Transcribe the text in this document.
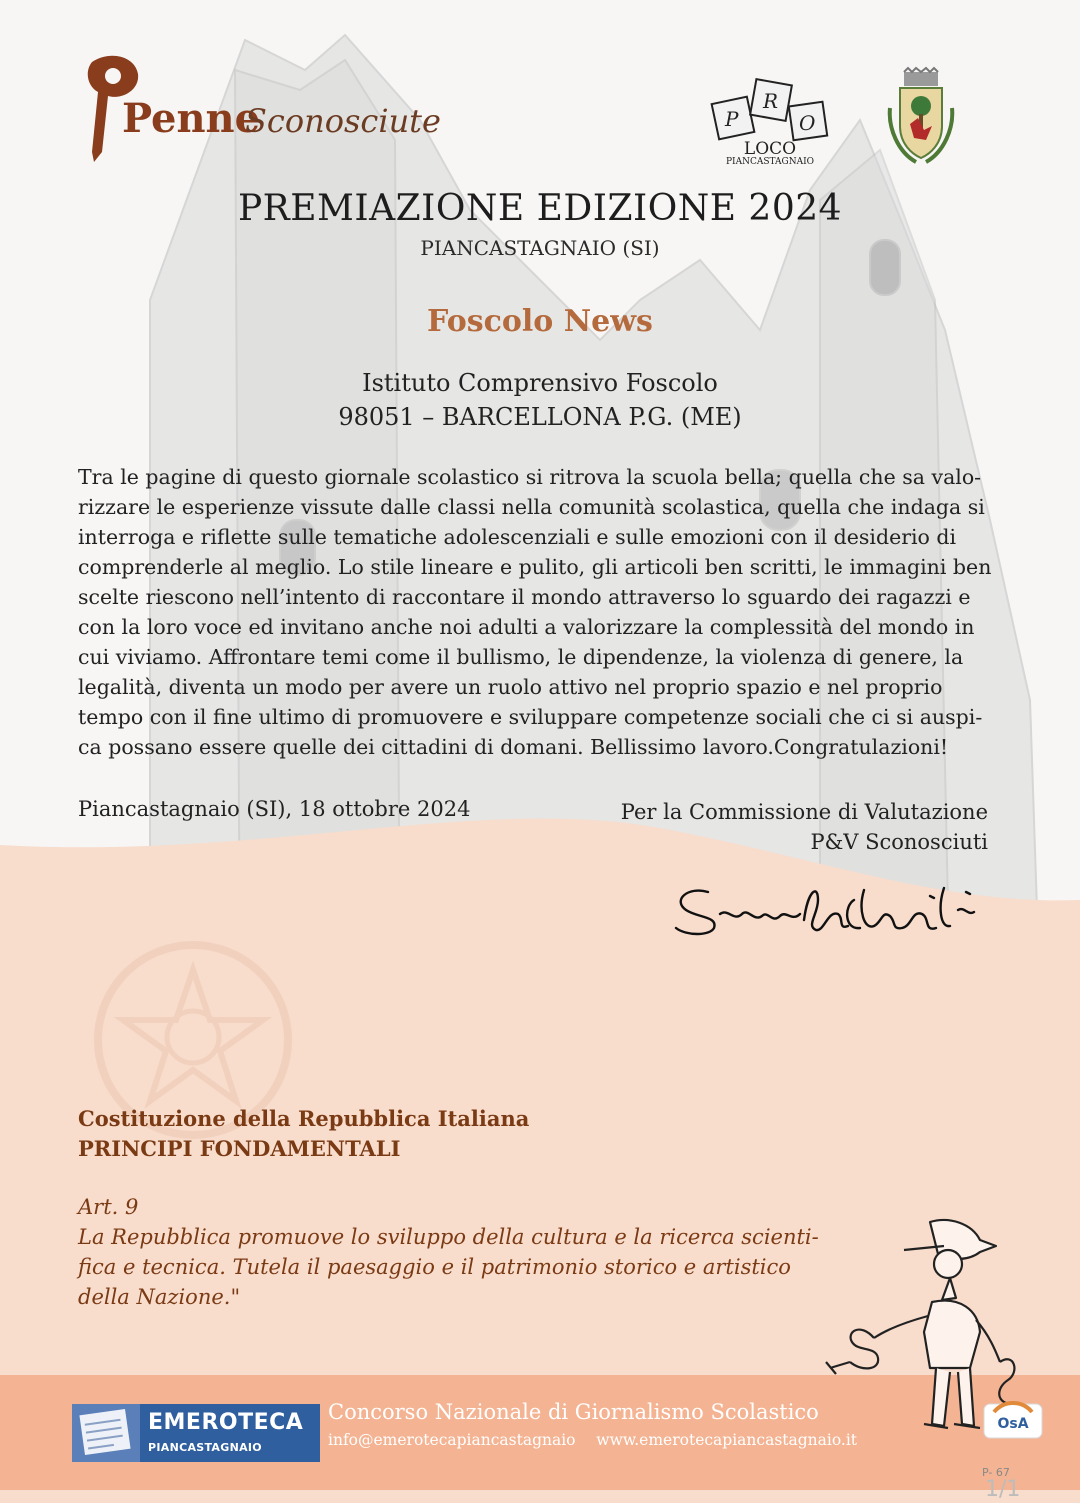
Penne
Sconosciute	P
R
O
LOCO
PIANCASTAGNAIO

PREMIAZIONE EDIZIONE 2024

PIANCASTAGNAIO (SI)

Foscolo News

Istituto Comprensivo Foscolo
98051 – BARCELLONA P.G. (ME)
Tra le pagine di questo giornale scolastico si ritrova la scuola bella; quella che sa valo-
rizzare le esperienze vissute dalle classi nella comunità scolastica, quella che indaga si
interroga e riflette sulle tematiche adolescenziali e sulle emozioni con il desiderio di
comprenderle al meglio. Lo stile lineare e pulito, gli articoli ben scritti, le immagini ben
scelte riescono nell’intento di raccontare il mondo attraverso lo sguardo dei ragazzi e
con la loro voce ed invitano anche noi adulti a valorizzare la complessità del mondo in
cui viviamo. Affrontare temi come il bullismo, le dipendenze, la violenza di genere, la
legalità, diventa un modo per avere un ruolo attivo nel proprio spazio e nel proprio
tempo con il fine ultimo di promuovere e sviluppare competenze sociali che ci si auspi-
ca possano essere quelle dei cittadini di domani. Bellissimo lavoro.Congratulazioni!

Piancastagnaio (SI), 18 ottobre 2024	Per la Commissione di Valutazione
P&V Sconosciuti
Costituzione della Repubblica Italiana
PRINCIPI FONDAMENTALI
Art. 9
La Repubblica promuove lo sviluppo della cultura e la ricerca scienti-
fica e tecnica. Tutela il paesaggio e il patrimonio storico e artistico
della Nazione."
EMEROTECA
PIANCASTAGNAIO

Concorso Nazionale di Giornalismo Scolastico

info@emerotecapiancastagnaio www.emerotecapiancastagnaio.it

OsA

P- 67

1/1
